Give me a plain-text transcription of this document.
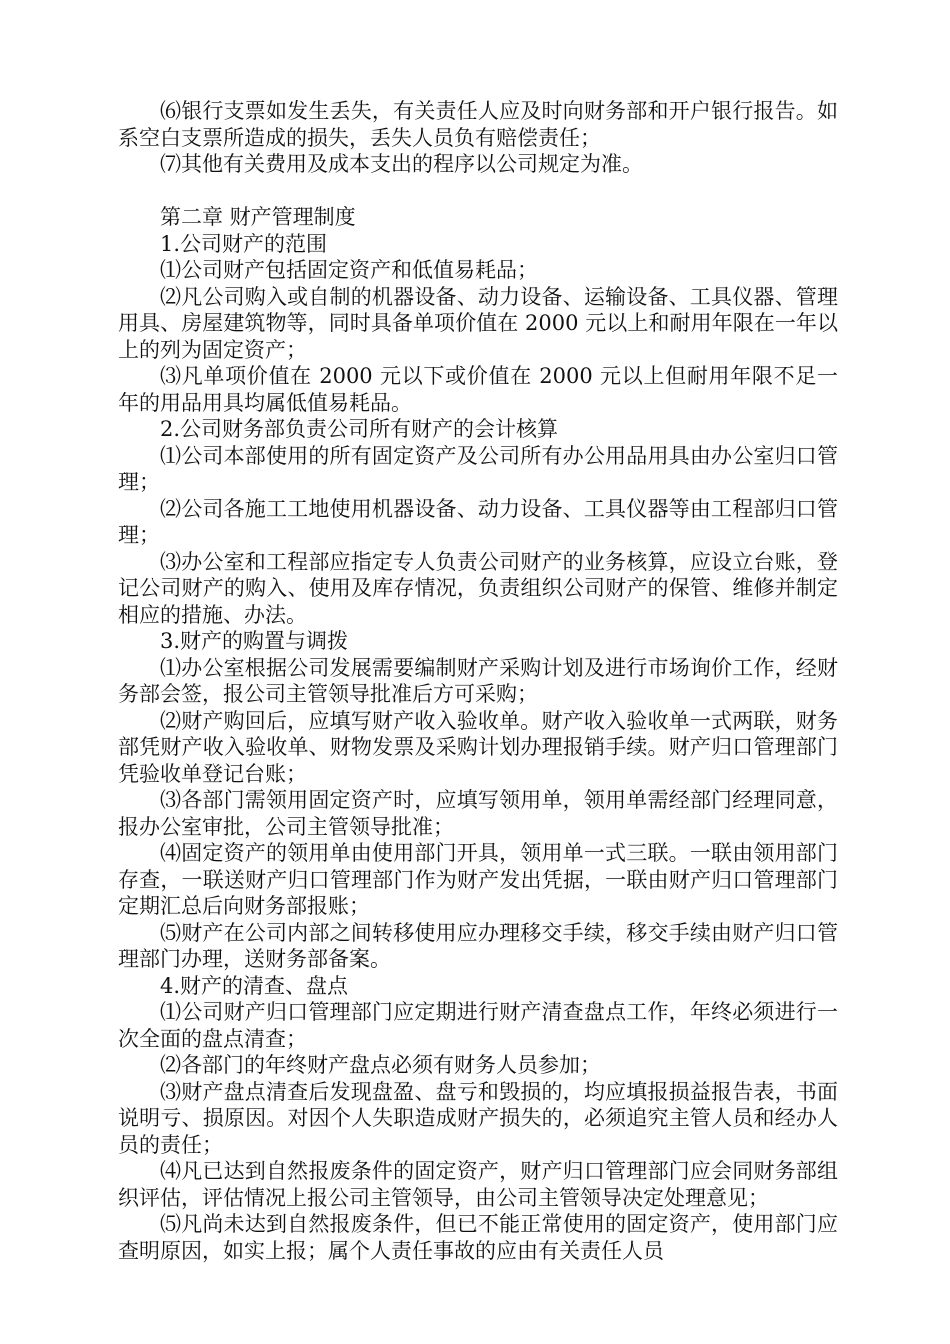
⑹银行支票如发生丢失，有关责任人应及时向财务部和开户银行报告。如系空白支票所造成的损失，丢失人员负有赔偿责任；

⑺其他有关费用及成本支出的程序以公司规定为准。

第二章 财产管理制度

1.公司财产的范围

⑴公司财产包括固定资产和低值易耗品；

⑵凡公司购入或自制的机器设备、动力设备、运输设备、工具仪器、管理用具、房屋建筑物等，同时具备单项价值在 2000 元以上和耐用年限在一年以上的列为固定资产；

⑶凡单项价值在 2000 元以下或价值在 2000 元以上但耐用年限不足一年的用品用具均属低值易耗品。

2.公司财务部负责公司所有财产的会计核算

⑴公司本部使用的所有固定资产及公司所有办公用品用具由办公室归口管理；

⑵公司各施工工地使用机器设备、动力设备、工具仪器等由工程部归口管理；

⑶办公室和工程部应指定专人负责公司财产的业务核算，应设立台账，登记公司财产的购入、使用及库存情况，负责组织公司财产的保管、维修并制定相应的措施、办法。

3.财产的购置与调拨

⑴办公室根据公司发展需要编制财产采购计划及进行市场询价工作，经财务部会签，报公司主管领导批准后方可采购；

⑵财产购回后，应填写财产收入验收单。财产收入验收单一式两联，财务部凭财产收入验收单、财物发票及采购计划办理报销手续。财产归口管理部门凭验收单登记台账；

⑶各部门需领用固定资产时，应填写领用单，领用单需经部门经理同意，报办公室审批，公司主管领导批准；

⑷固定资产的领用单由使用部门开具，领用单一式三联。一联由领用部门存查，一联送财产归口管理部门作为财产发出凭据，一联由财产归口管理部门定期汇总后向财务部报账；

⑸财产在公司内部之间转移使用应办理移交手续，移交手续由财产归口管理部门办理，送财务部备案。

4.财产的清查、盘点

⑴公司财产归口管理部门应定期进行财产清查盘点工作，年终必须进行一次全面的盘点清查；

⑵各部门的年终财产盘点必须有财务人员参加；

⑶财产盘点清查后发现盘盈、盘亏和毁损的，均应填报损益报告表，书面说明亏、损原因。对因个人失职造成财产损失的，必须追究主管人员和经办人员的责任；

⑷凡已达到自然报废条件的固定资产，财产归口管理部门应会同财务部组织评估，评估情况上报公司主管领导，由公司主管领导决定处理意见；

⑸凡尚未达到自然报废条件，但已不能正常使用的固定资产，使用部门应查明原因，如实上报；属个人责任事故的应由有关责任人员
